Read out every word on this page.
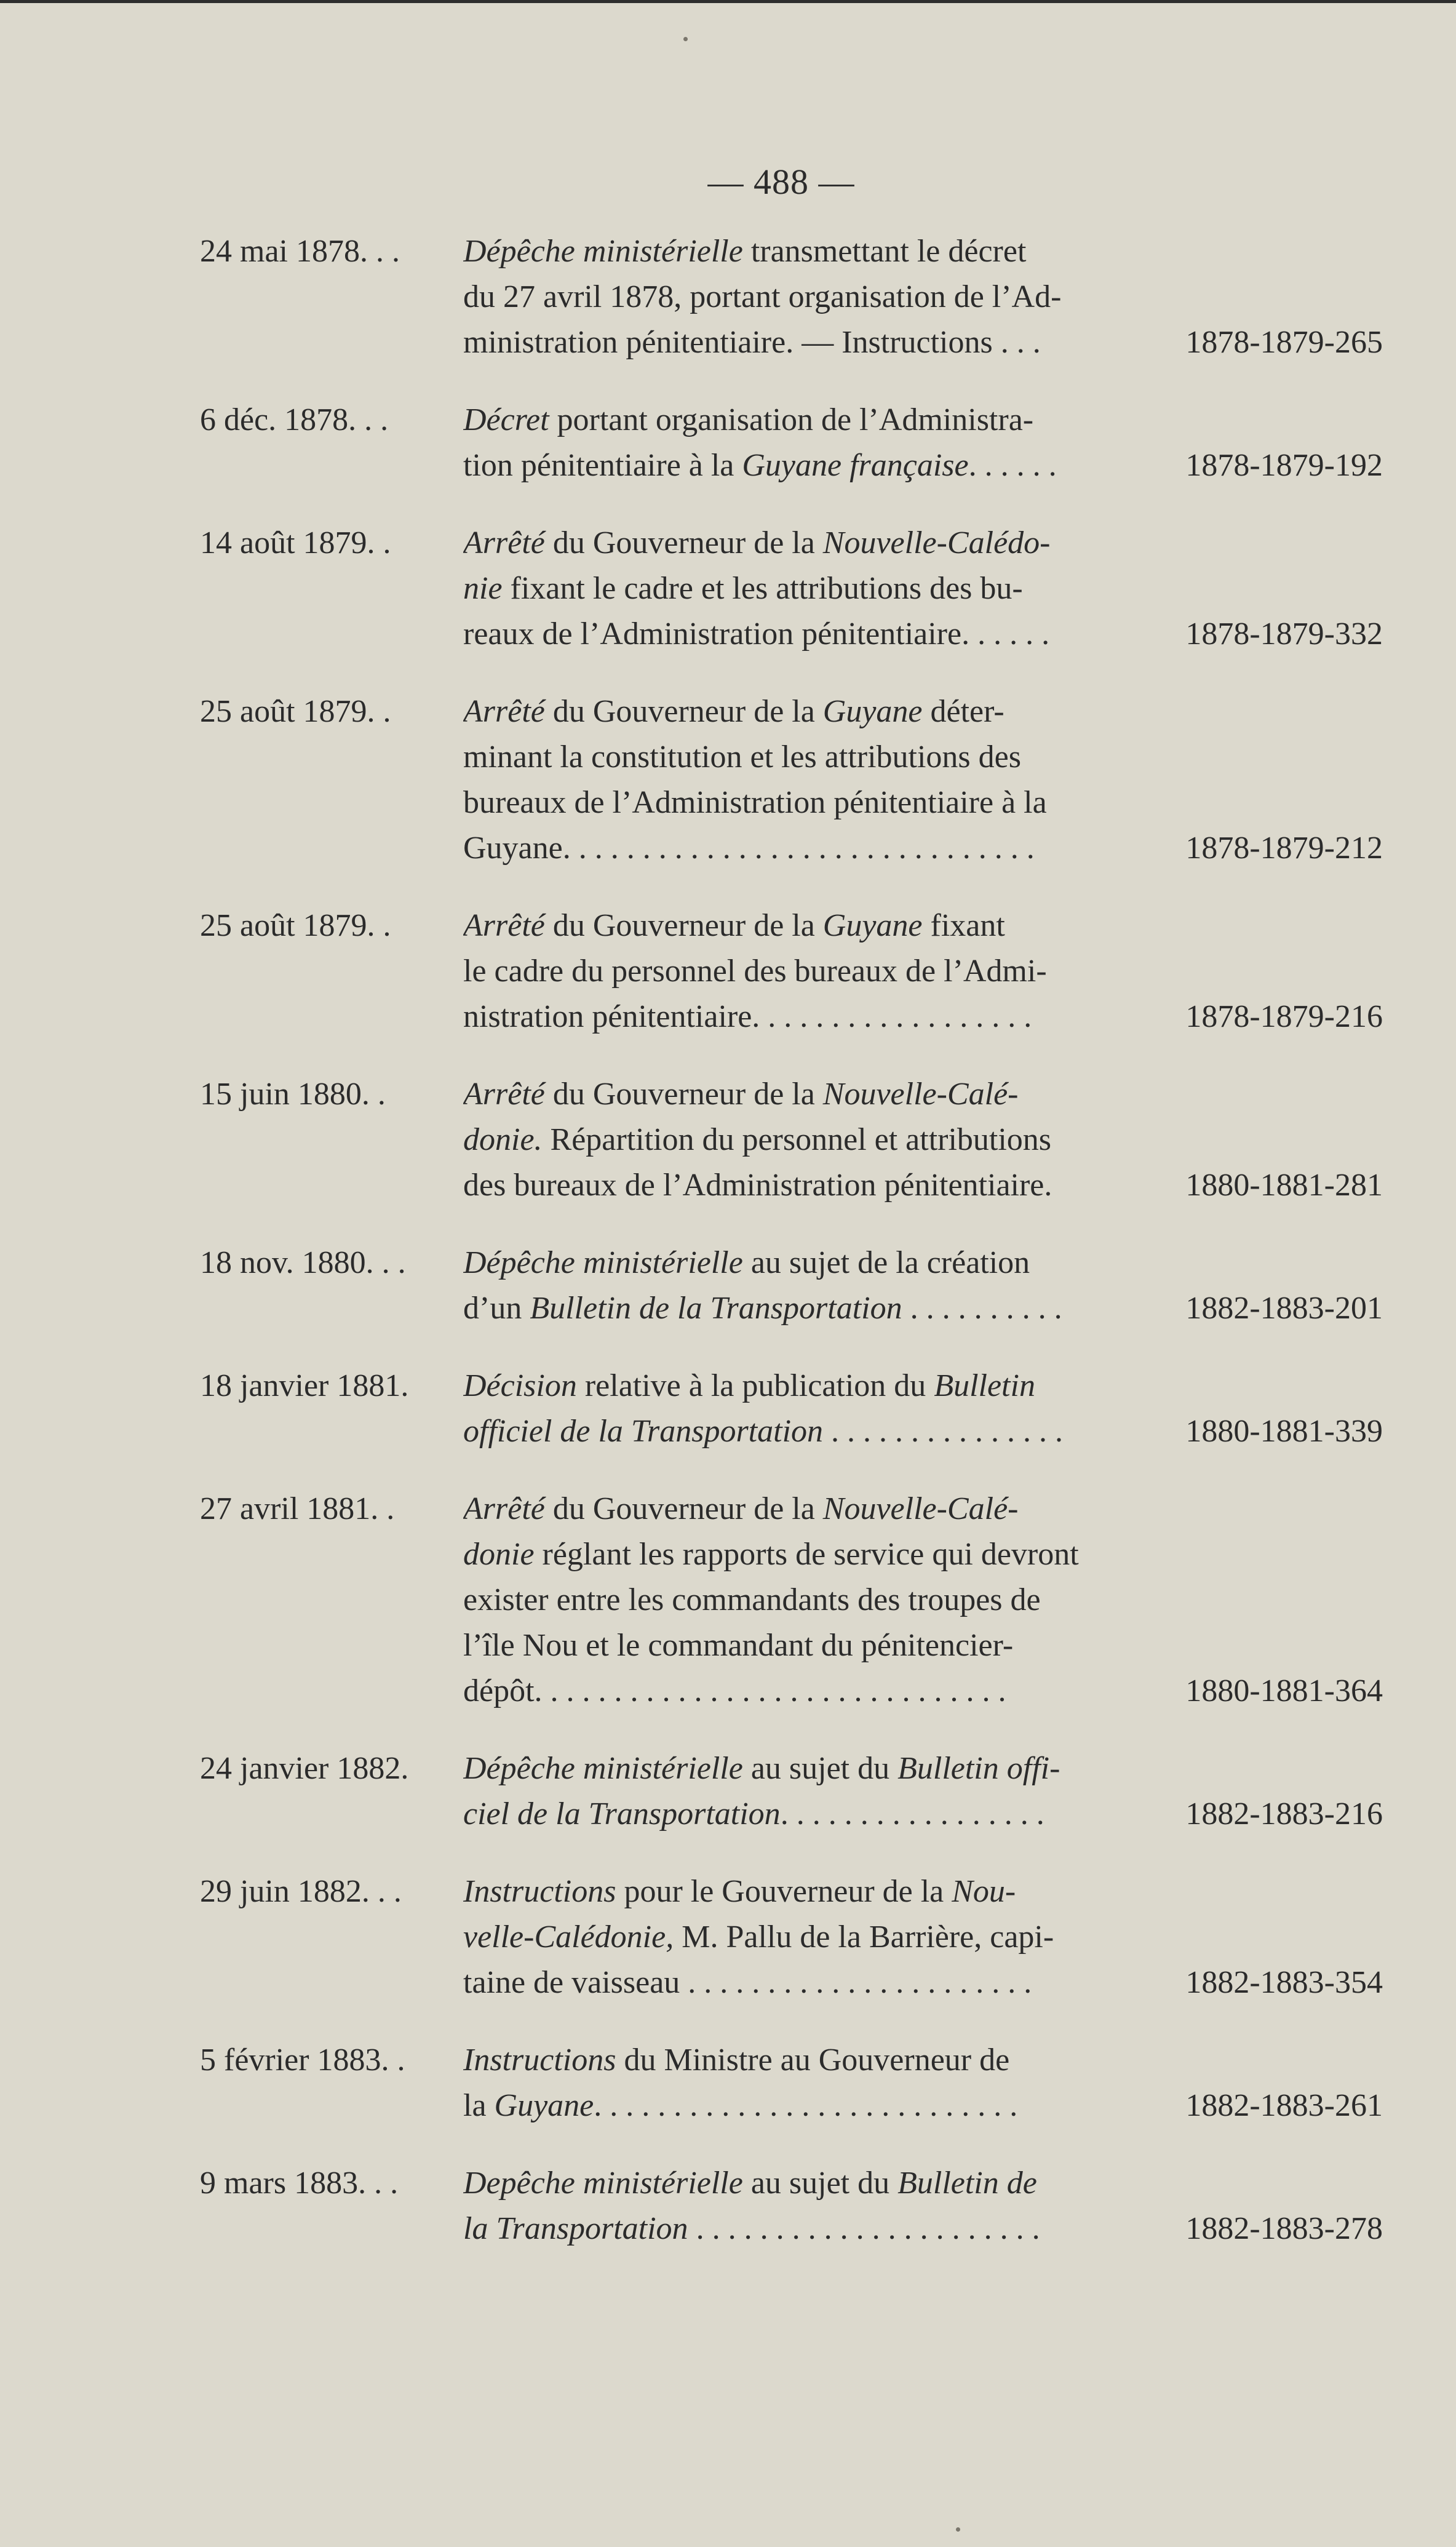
— 488 —
24 mai 1878. . . Dépêche ministérielle transmettant le décret
du 27 avril 1878, portant organisation de l’Ad-
ministration pénitentiaire. — Instructions . . .	1878-1879-265
6 déc. 1878. . . Décret portant organisation de l’Administra-
tion pénitentiaire à la Guyane française. . . . . .	1878-1879-192
14 août 1879. . Arrêté du Gouverneur de la Nouvelle-Calédo-
nie fixant le cadre et les attributions des bu-
reaux de l’Administration pénitentiaire. . . . . .	1878-1879-332
25 août 1879. . Arrêté du Gouverneur de la Guyane déter-
minant la constitution et les attributions des
bureaux de l’Administration pénitentiaire à la
Guyane. . . . . . . . . . . . . . . . . . . . . . . . . . . . . .	1878-1879-212
25 août 1879. . Arrêté du Gouverneur de la Guyane fixant
le cadre du personnel des bureaux de l’Admi-
nistration pénitentiaire. . . . . . . . . . . . . . . . . .	1878-1879-216
15 juin 1880. . Arrêté du Gouverneur de la Nouvelle-Calé-
donie. Répartition du personnel et attributions
des bureaux de l’Administration pénitentiaire.	1880-1881-281
18 nov. 1880. . . Dépêche ministérielle au sujet de la création
d’un Bulletin de la Transportation . . . . . . . . . .	1882-1883-201
18 janvier 1881. Décision relative à la publication du Bulletin
officiel de la Transportation . . . . . . . . . . . . . . .	1880-1881-339
27 avril 1881. . Arrêté du Gouverneur de la Nouvelle-Calé-
donie réglant les rapports de service qui devront
exister entre les commandants des troupes de
l’île Nou et le commandant du pénitencier-
dépôt. . . . . . . . . . . . . . . . . . . . . . . . . . . . . .	1880-1881-364
24 janvier 1882. Dépêche ministérielle au sujet du Bulletin offi-
ciel de la Transportation. . . . . . . . . . . . . . . . .	1882-1883-216
29 juin 1882. . . Instructions pour le Gouverneur de la Nou-
velle-Calédonie, M. Pallu de la Barrière, capi-
taine de vaisseau . . . . . . . . . . . . . . . . . . . . . .	1882-1883-354
5 février 1883. . Instructions du Ministre au Gouverneur de
la Guyane. . . . . . . . . . . . . . . . . . . . . . . . . . .	1882-1883-261
9 mars 1883. . . Depêche ministérielle au sujet du Bulletin de
la Transportation . . . . . . . . . . . . . . . . . . . . . .	1882-1883-278
